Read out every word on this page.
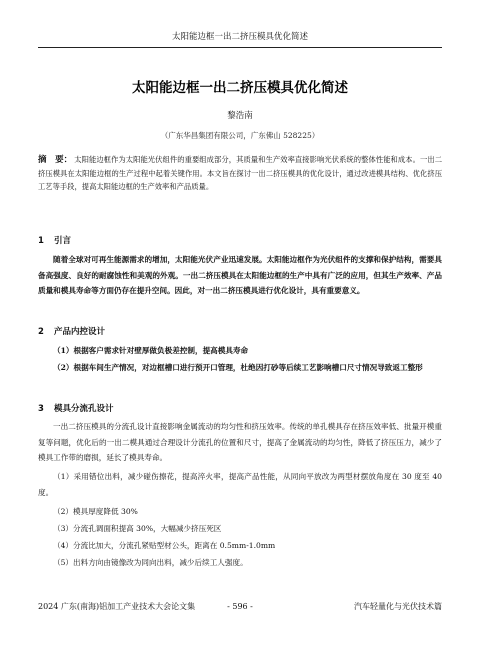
太阳能边框一出二挤压模具优化简述
太阳能边框一出二挤压模具优化简述
黎浩南
（广东华昌集团有限公司，广东佛山 528225）
摘　要： 太阳能边框作为太阳能光伏组件的重要组成部分，其质量和生产效率直接影响光伏系统的整体性能和成本。一出二挤压模具在太阳能边框的生产过程中起着关键作用。本文旨在探讨一出二挤压模具的优化设计，通过改进模具结构、优化挤压工艺等手段，提高太阳能边框的生产效率和产品质量。
1 引言
随着全球对可再生能源需求的增加，太阳能光伏产业迅速发展。太阳能边框作为光伏组件的支撑和保护结构，需要具备高强度、良好的耐腐蚀性和美观的外观。一出二挤压模具在太阳能边框的生产中具有广泛的应用，但其生产效率、产品质量和模具寿命等方面仍存在提升空间。因此，对一出二挤压模具进行优化设计，具有重要意义。
2 产品内控设计
（1）根据客户需求针对壁厚做负极差控制，提高模具寿命
（2）根据车间生产情况，对边框槽口进行预开口管理，杜绝因打砂等后续工艺影响槽口尺寸情况导致返工整形
3 模具分流孔设计
一出二挤压模具的分流孔设计直接影响金属流动的均匀性和挤压效率。传统的单孔模具存在挤压效率低、批量开模重复等问题，优化后的一出二模具通过合理设计分流孔的位置和尺寸，提高了金属流动的均匀性，降低了挤压压力，减少了模具工作带的磨损，延长了模具寿命。
（1）采用错位出料，减少碰伤擦花，提高淬火率，提高产品性能，从同向平放改为两型材摆放角度在 30 度至 40 度。
（2）模具厚度降低 30%
（3）分流孔调面积提高 30%，大幅减少挤压死区
（4）分流比加大，分流孔紧贴型材公头，距离在 0.5mm-1.0mm
（5）出料方向由镜像改为同向出料，减少后续工人强度。
2024 广东(南海)铝加工产业技术大会论文集	- 596 -	汽车轻量化与光伏技术篇
